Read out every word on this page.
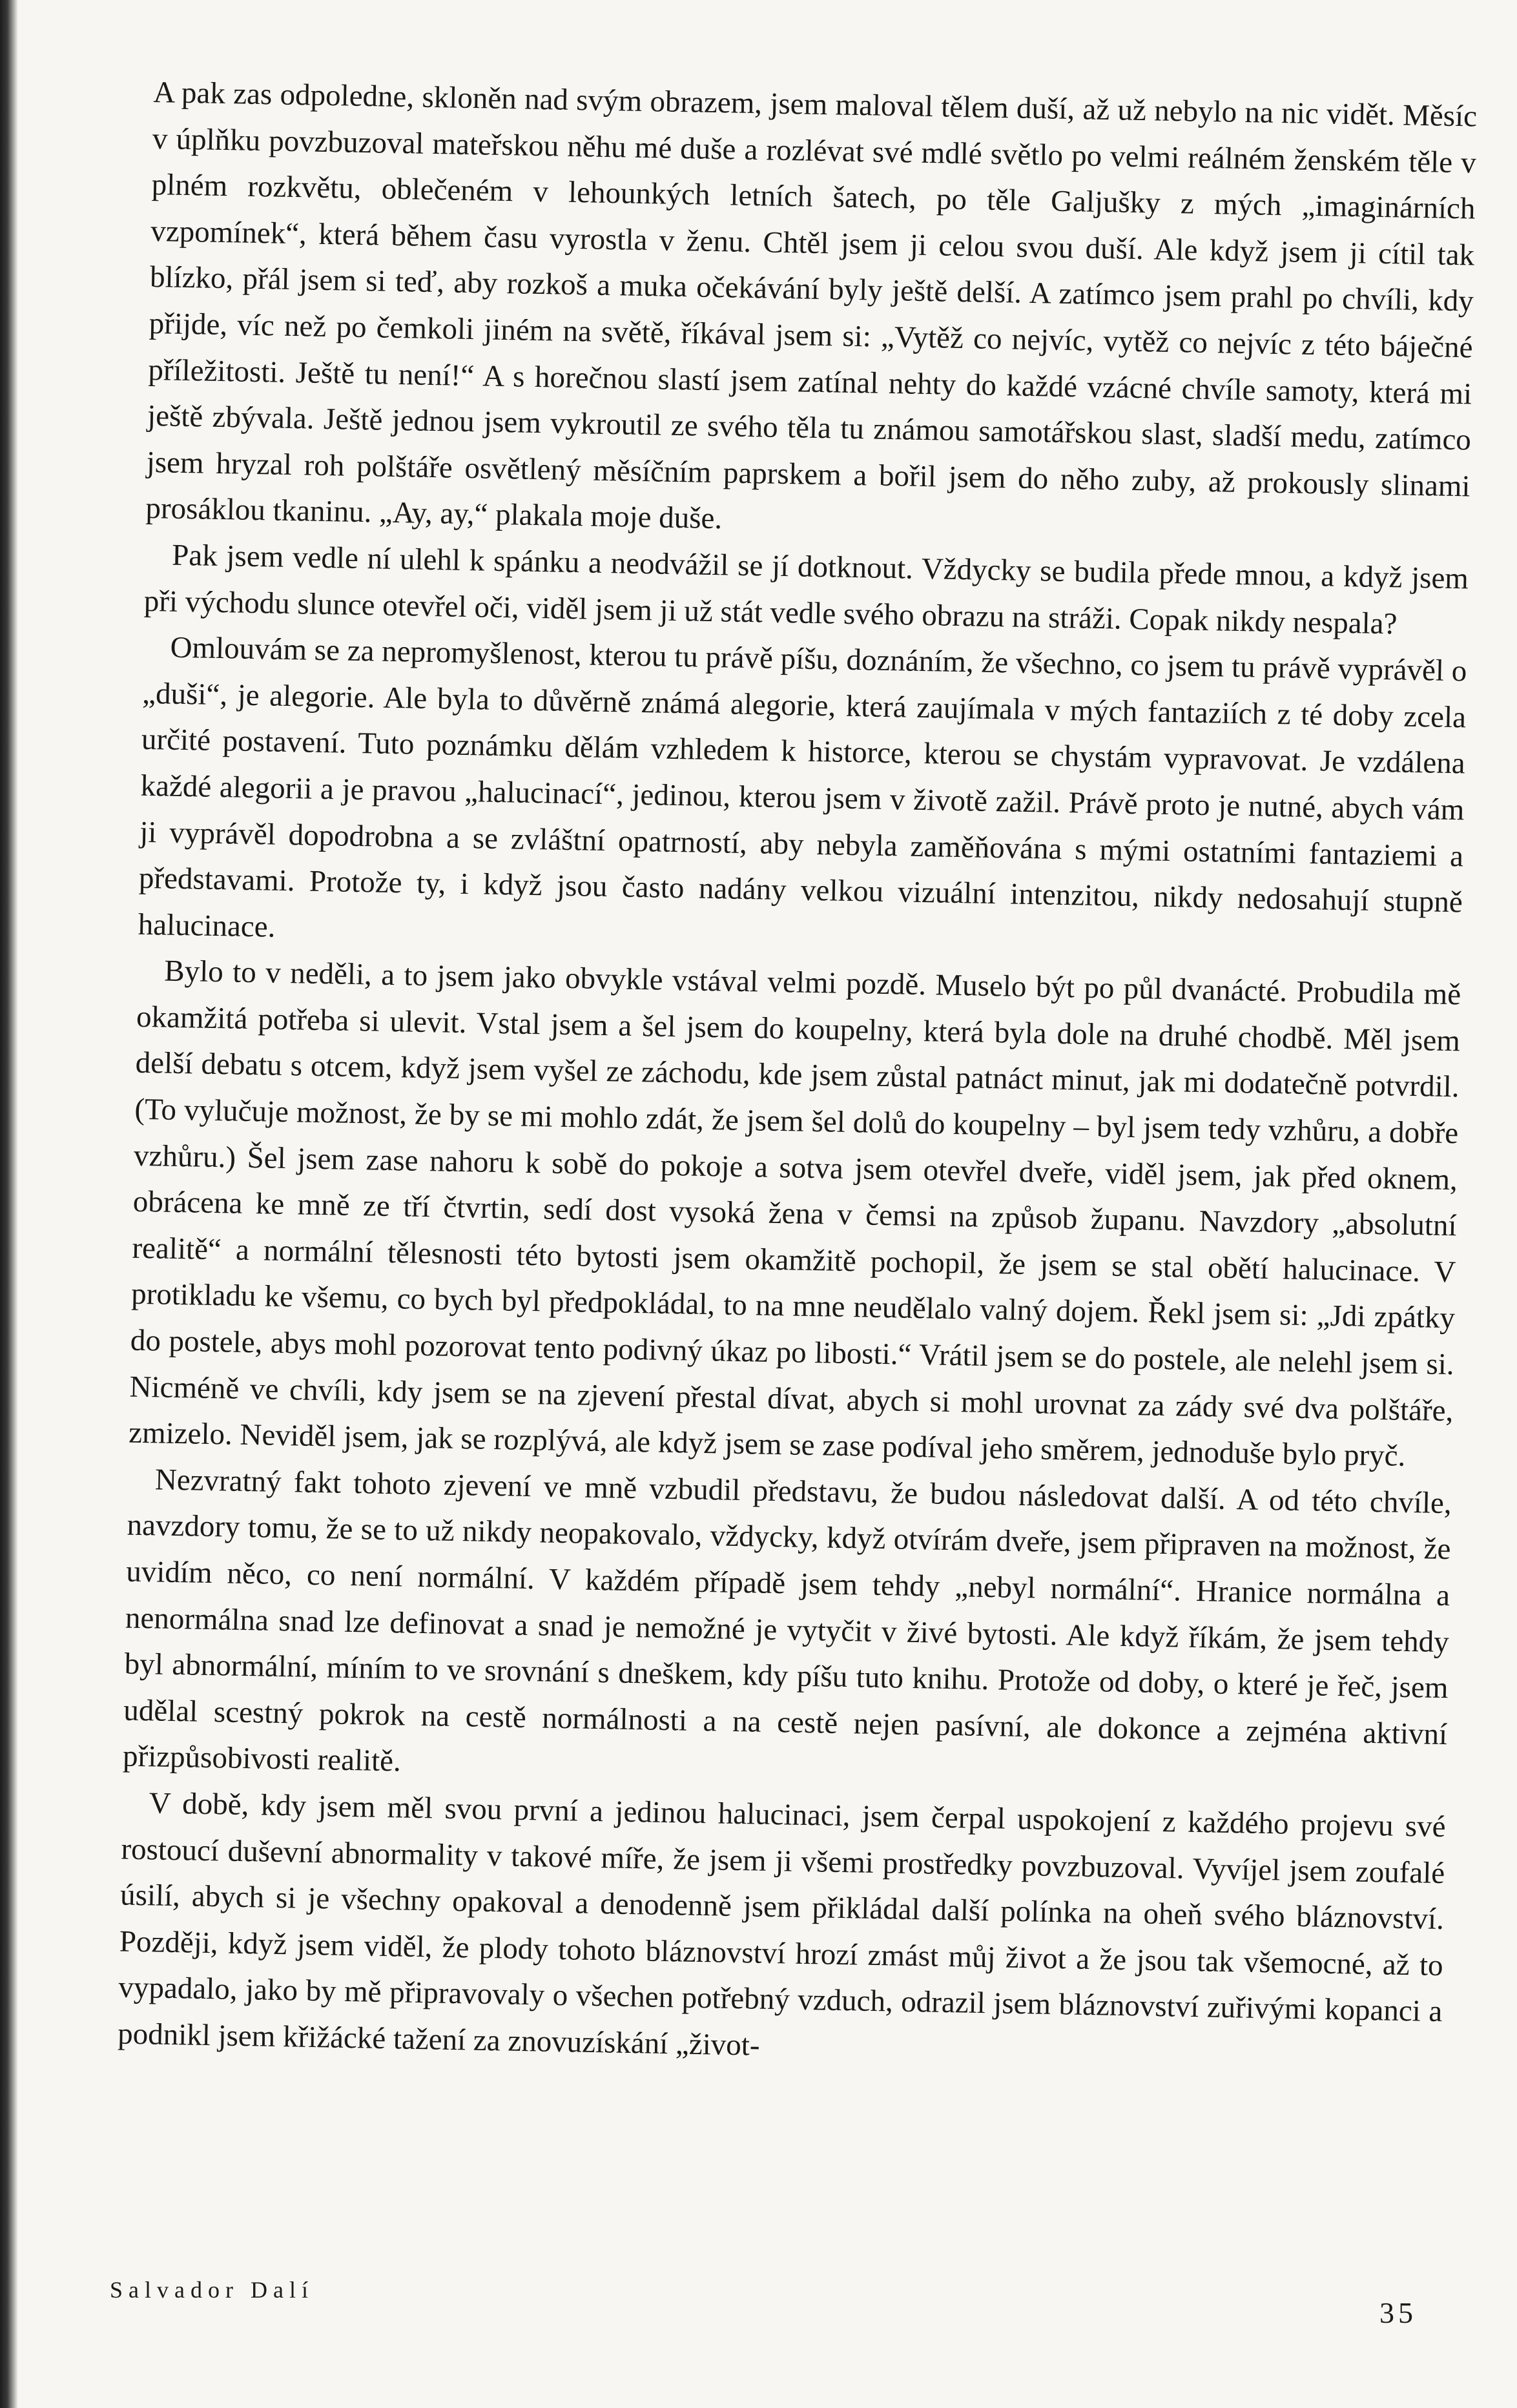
A pak zas odpoledne, skloněn nad svým obrazem, jsem maloval tělem duší, až už nebylo na nic vidět. Měsíc v úplňku povzbuzoval mateřskou něhu mé duše a rozlévat své mdlé světlo po velmi reálném ženském těle v plném rozkvětu, oblečeném v lehounkých letních šatech, po těle Galjušky z mých „imaginárních vzpomínek“, která během času vyrostla v ženu. Chtěl jsem ji celou svou duší. Ale když jsem ji cítil tak blízko, přál jsem si teď, aby rozkoš a muka očekávání byly ještě delší. A zatímco jsem prahl po chvíli, kdy přijde, víc než po čemkoli jiném na světě, říkával jsem si: „Vytěž co nejvíc, vytěž co nejvíc z této báječné příležitosti. Ještě tu není!“ A s horečnou slastí jsem zatínal nehty do každé vzácné chvíle samoty, která mi ještě zbývala. Ještě jednou jsem vykroutil ze svého těla tu známou samotářskou slast, sladší medu, zatímco jsem hryzal roh polštáře osvětlený měsíčním paprskem a bořil jsem do něho zuby, až prokously slinami prosáklou tkaninu. „Ay, ay,“ plakala moje duše.

Pak jsem vedle ní ulehl k spánku a neodvážil se jí dotknout. Vždycky se budila přede mnou, a když jsem při východu slunce otevřel oči, viděl jsem ji už stát vedle svého obrazu na stráži. Copak nikdy nespala?

Omlouvám se za nepromyšlenost, kterou tu právě píšu, doznáním, že všechno, co jsem tu právě vyprávěl o „duši“, je alegorie. Ale byla to důvěrně známá alegorie, která zaujímala v mých fantaziích z té doby zcela určité postavení. Tuto poznámku dělám vzhledem k historce, kterou se chystám vypravovat. Je vzdálena každé alegorii a je pravou „halucinací“, jedinou, kterou jsem v životě zažil. Právě proto je nutné, abych vám ji vyprávěl dopodrobna a se zvláštní opatrností, aby nebyla zaměňována s mými ostatními fantaziemi a představami. Protože ty, i když jsou často nadány velkou vizuální intenzitou, nikdy nedosahují stupně halucinace.

Bylo to v neděli, a to jsem jako obvykle vstával velmi pozdě. Muselo být po půl dvanácté. Probudila mě okamžitá potřeba si ulevit. Vstal jsem a šel jsem do koupelny, která byla dole na druhé chodbě. Měl jsem delší debatu s otcem, když jsem vyšel ze záchodu, kde jsem zůstal patnáct minut, jak mi dodatečně potvrdil. (To vylučuje možnost, že by se mi mohlo zdát, že jsem šel dolů do koupelny – byl jsem tedy vzhůru, a dobře vzhůru.) Šel jsem zase nahoru k sobě do pokoje a sotva jsem otevřel dveře, viděl jsem, jak před oknem, obrácena ke mně ze tří čtvrtin, sedí dost vysoká žena v čemsi na způsob županu. Navzdory „absolutní realitě“ a normální tělesnosti této bytosti jsem okamžitě pochopil, že jsem se stal obětí halucinace. V protikladu ke všemu, co bych byl předpokládal, to na mne neudělalo valný dojem. Řekl jsem si: „Jdi zpátky do postele, abys mohl pozorovat tento podivný úkaz po libosti.“ Vrátil jsem se do postele, ale nelehl jsem si. Nicméně ve chvíli, kdy jsem se na zjevení přestal dívat, abych si mohl urovnat za zády své dva polštáře, zmizelo. Neviděl jsem, jak se rozplývá, ale když jsem se zase podíval jeho směrem, jednoduše bylo pryč.

Nezvratný fakt tohoto zjevení ve mně vzbudil představu, že budou následovat další. A od této chvíle, navzdory tomu, že se to už nikdy neopakovalo, vždycky, když otvírám dveře, jsem připraven na možnost, že uvidím něco, co není normální. V každém případě jsem tehdy „nebyl normální“. Hranice normálna a nenormálna snad lze definovat a snad je nemožné je vytyčit v živé bytosti. Ale když říkám, že jsem tehdy byl abnormální, míním to ve srovnání s dneškem, kdy píšu tuto knihu. Protože od doby, o které je řeč, jsem udělal scestný pokrok na cestě normálnosti a na cestě nejen pasívní, ale dokonce a zejména aktivní přizpůsobivosti realitě.

V době, kdy jsem měl svou první a jedinou halucinaci, jsem čerpal uspokojení z každého projevu své rostoucí duševní abnormality v takové míře, že jsem ji všemi prostředky povzbuzoval. Vyvíjel jsem zoufalé úsilí, abych si je všechny opakoval a denodenně jsem přikládal další polínka na oheň svého bláznovství. Později, když jsem viděl, že plody tohoto bláznovství hrozí zmást můj život a že jsou tak všemocné, až to vypadalo, jako by mě připravovaly o všechen potřebný vzduch, odrazil jsem bláznovství zuřivými kopanci a podnikl jsem křižácké tažení za znovuzískání „život-

Salvador Dalí
35
